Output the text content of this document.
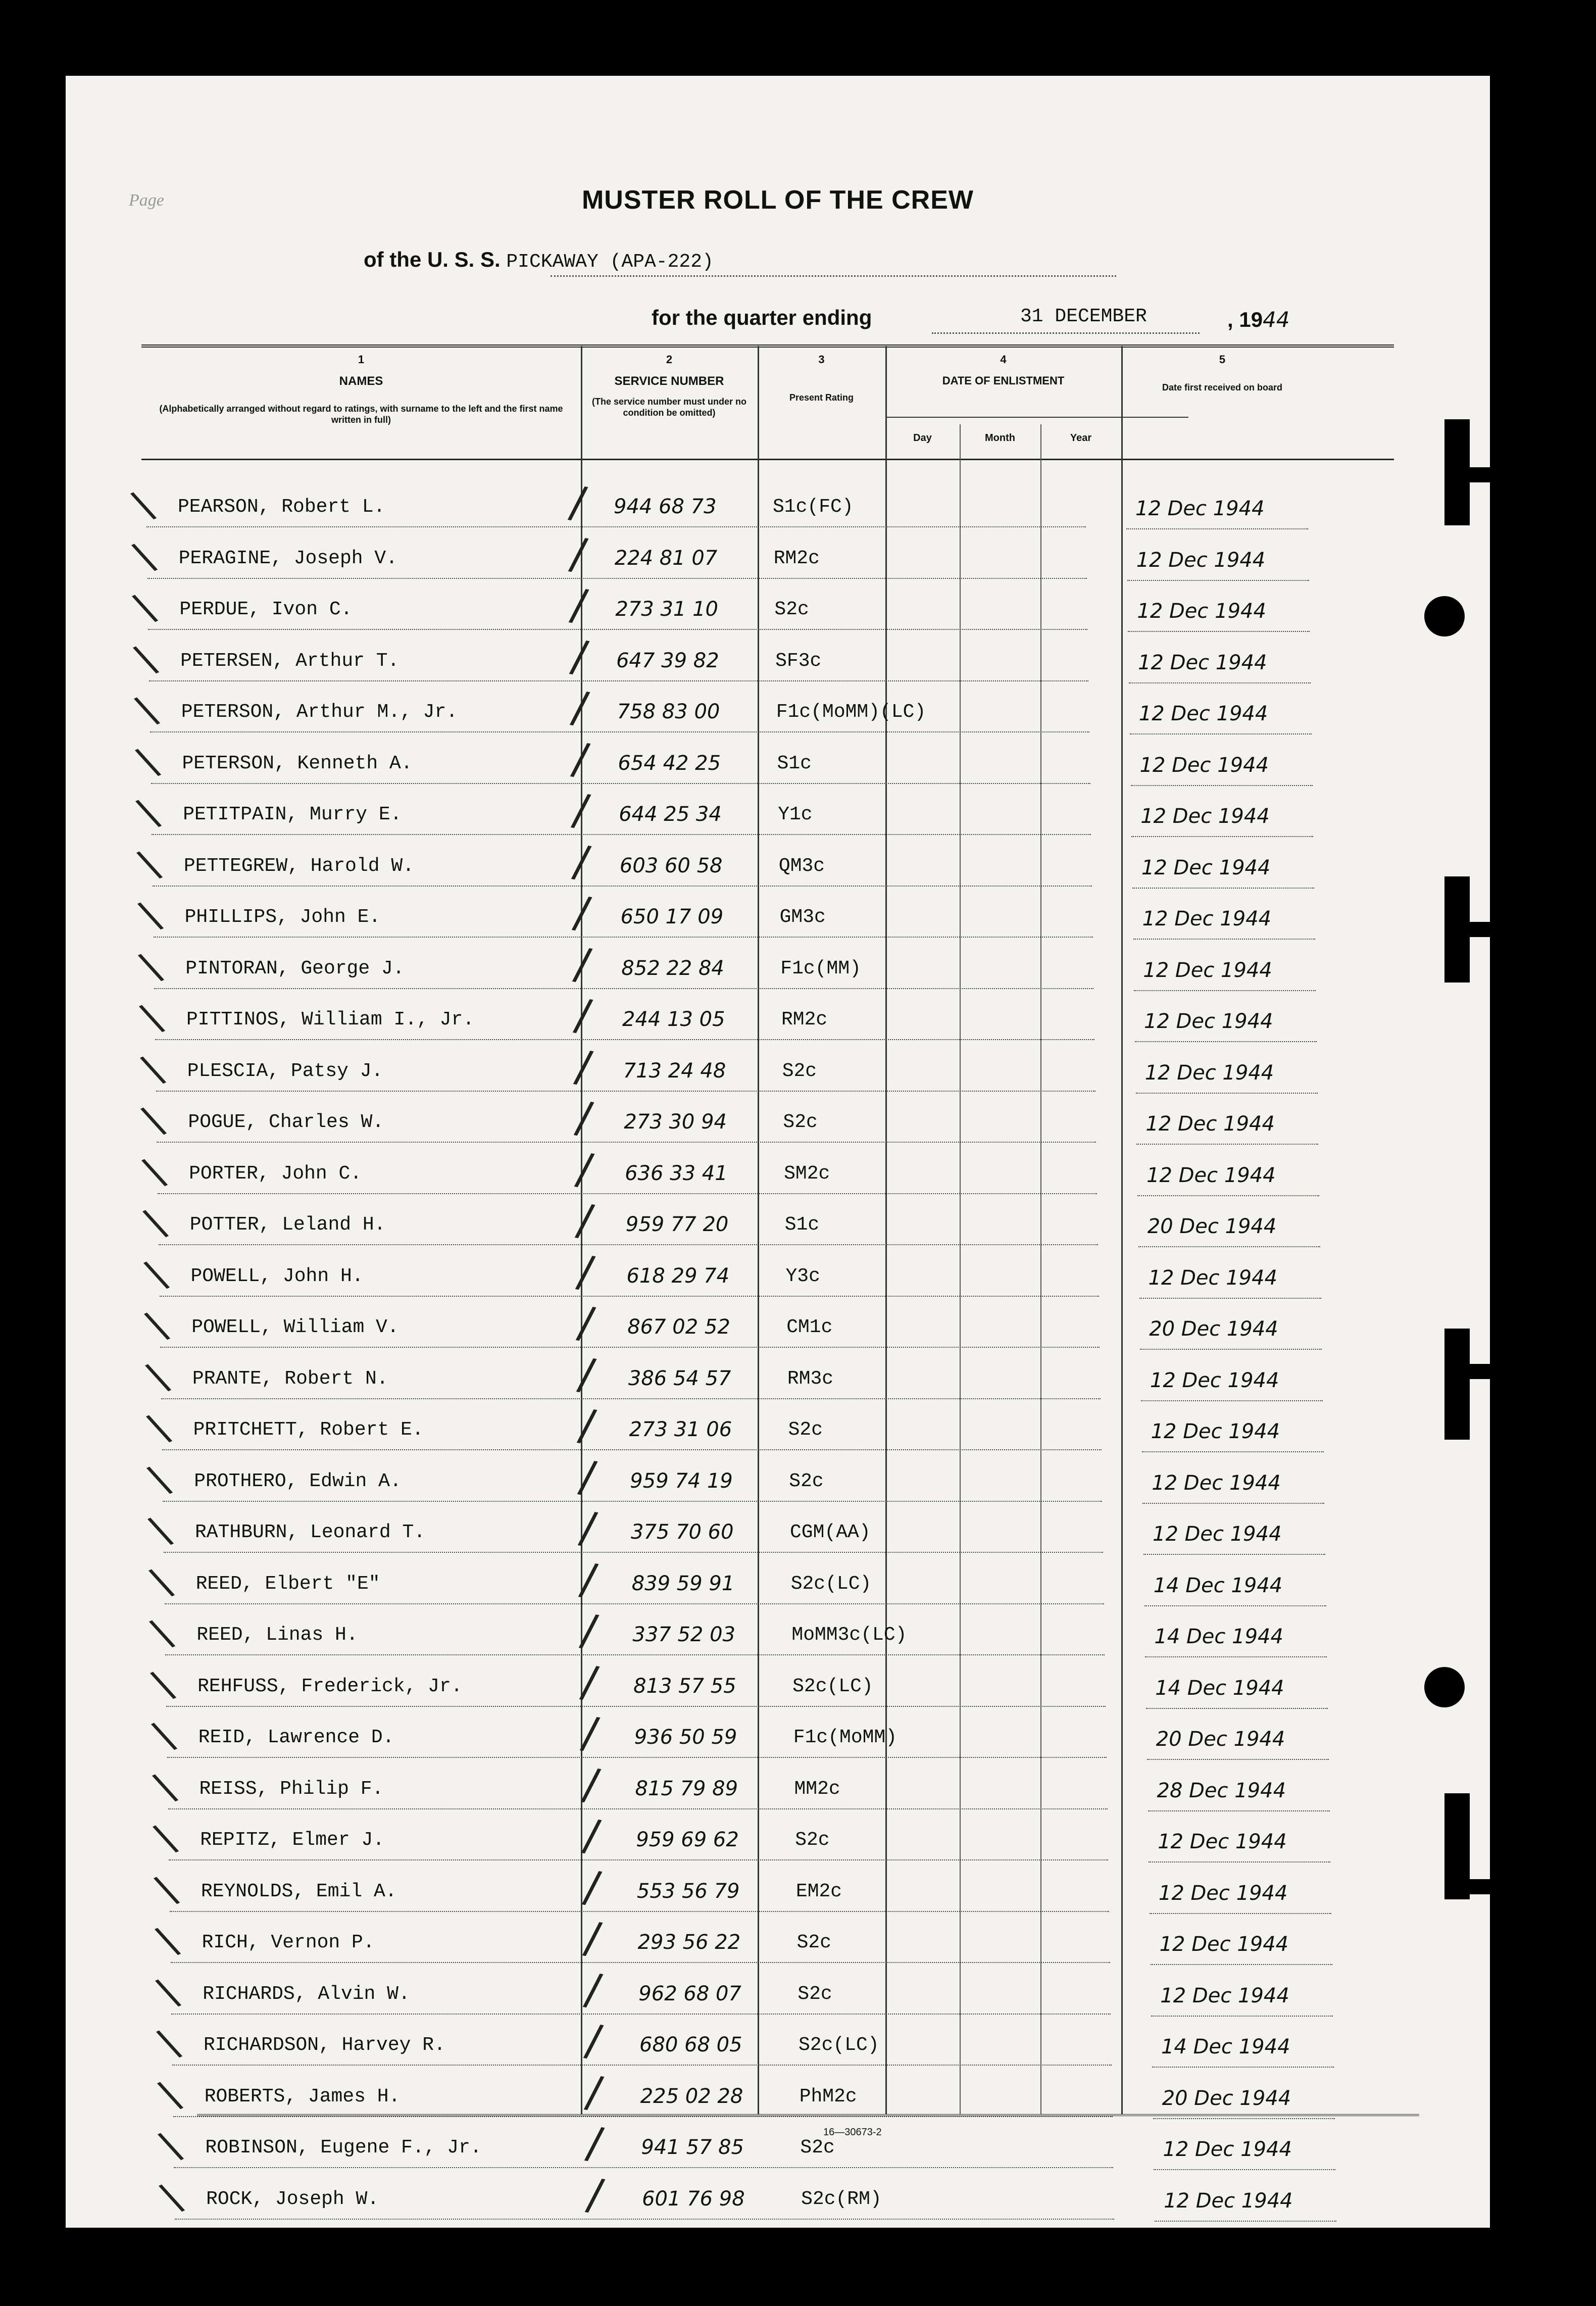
Page	MUSTER ROLL OF THE CREW
of the U. S. S. PICKAWAY (APA-222)
for the quarter ending	31 DECEMBER	, 1944
1
NAMES
(Alphabetically arranged without regard to ratings, with surname to the left and the first name written in full)
2
SERVICE NUMBER
(The service number must under no condition be omitted)
3
Present Rating
4
DATE OF ENLISTMENT
Day	Month	Year
5
Date first received on board
\ PEARSON, Robert L.	/ 944 68 73	S1c(FC)	12 Dec 1944
\ PERAGINE, Joseph V.	/ 224 81 07	RM2c	12 Dec 1944
\ PERDUE, Ivon C.	/ 273 31 10	S2c	12 Dec 1944
\ PETERSEN, Arthur T.	/ 647 39 82	SF3c	12 Dec 1944
\ PETERSON, Arthur M., Jr.	/ 758 83 00	F1c(MoMM)(LC)	12 Dec 1944
\ PETERSON, Kenneth A.	/ 654 42 25	S1c	12 Dec 1944
\ PETITPAIN, Murry E.	/ 644 25 34	Y1c	12 Dec 1944
\ PETTEGREW, Harold W.	/ 603 60 58	QM3c	12 Dec 1944
\ PHILLIPS, John E.	/ 650 17 09	GM3c	12 Dec 1944
\ PINTORAN, George J.	/ 852 22 84	F1c(MM)	12 Dec 1944
\ PITTINOS, William I., Jr. / 244 13 05	RM2c	12 Dec 1944
\ PLESCIA, Patsy J.	/ 713 24 48	S2c	12 Dec 1944
\ POGUE, Charles W.	/ 273 30 94	S2c	12 Dec 1944
\ PORTER, John C.	/ 636 33 41	SM2c	12 Dec 1944
\ POTTER, Leland H.	/ 959 77 20	S1c	20 Dec 1944
\ POWELL, John H.	/ 618 29 74	Y3c	12 Dec 1944
\ POWELL, William V.	/ 867 02 52	CM1c	20 Dec 1944
\ PRANTE, Robert N.	/ 386 54 57	RM3c	12 Dec 1944
\ PRITCHETT, Robert E.	/ 273 31 06	S2c	12 Dec 1944
\ PROTHERO, Edwin A.	/ 959 74 19	S2c	12 Dec 1944
\ RATHBURN, Leonard T.	/ 375 70 60	CGM(AA)	12 Dec 1944
\ REED, Elbert "E"	/ 839 59 91	S2c(LC)	14 Dec 1944
\ REED, Linas H.	/ 337 52 03	MoMM3c(LC)	14 Dec 1944
\ REHFUSS, Frederick, Jr.	/ 813 57 55	S2c(LC)	14 Dec 1944
\ REID, Lawrence D.	/ 936 50 59	F1c(MoMM)	20 Dec 1944
\ REISS, Philip F.	/ 815 79 89	MM2c	28 Dec 1944
\ REPITZ, Elmer J.	/ 959 69 62	S2c	12 Dec 1944
\ REYNOLDS, Emil A.	/ 553 56 79	EM2c	12 Dec 1944
\ RICH, Vernon P.	/ 293 56 22	S2c	12 Dec 1944
\ RICHARDS, Alvin W.	/ 962 68 07	S2c	12 Dec 1944
\ RICHARDSON, Harvey R.	/ 680 68 05	S2c(LC)	14 Dec 1944
\ ROBERTS, James H.	/ 225 02 28	PhM2c	20 Dec 1944
\ ROBINSON, Eugene F., Jr. / 941 57 85	S2c	12 Dec 1944
\ ROCK, Joseph W.	/ 601 76 98	S2c(RM)	12 Dec 1944
16—30673-2
